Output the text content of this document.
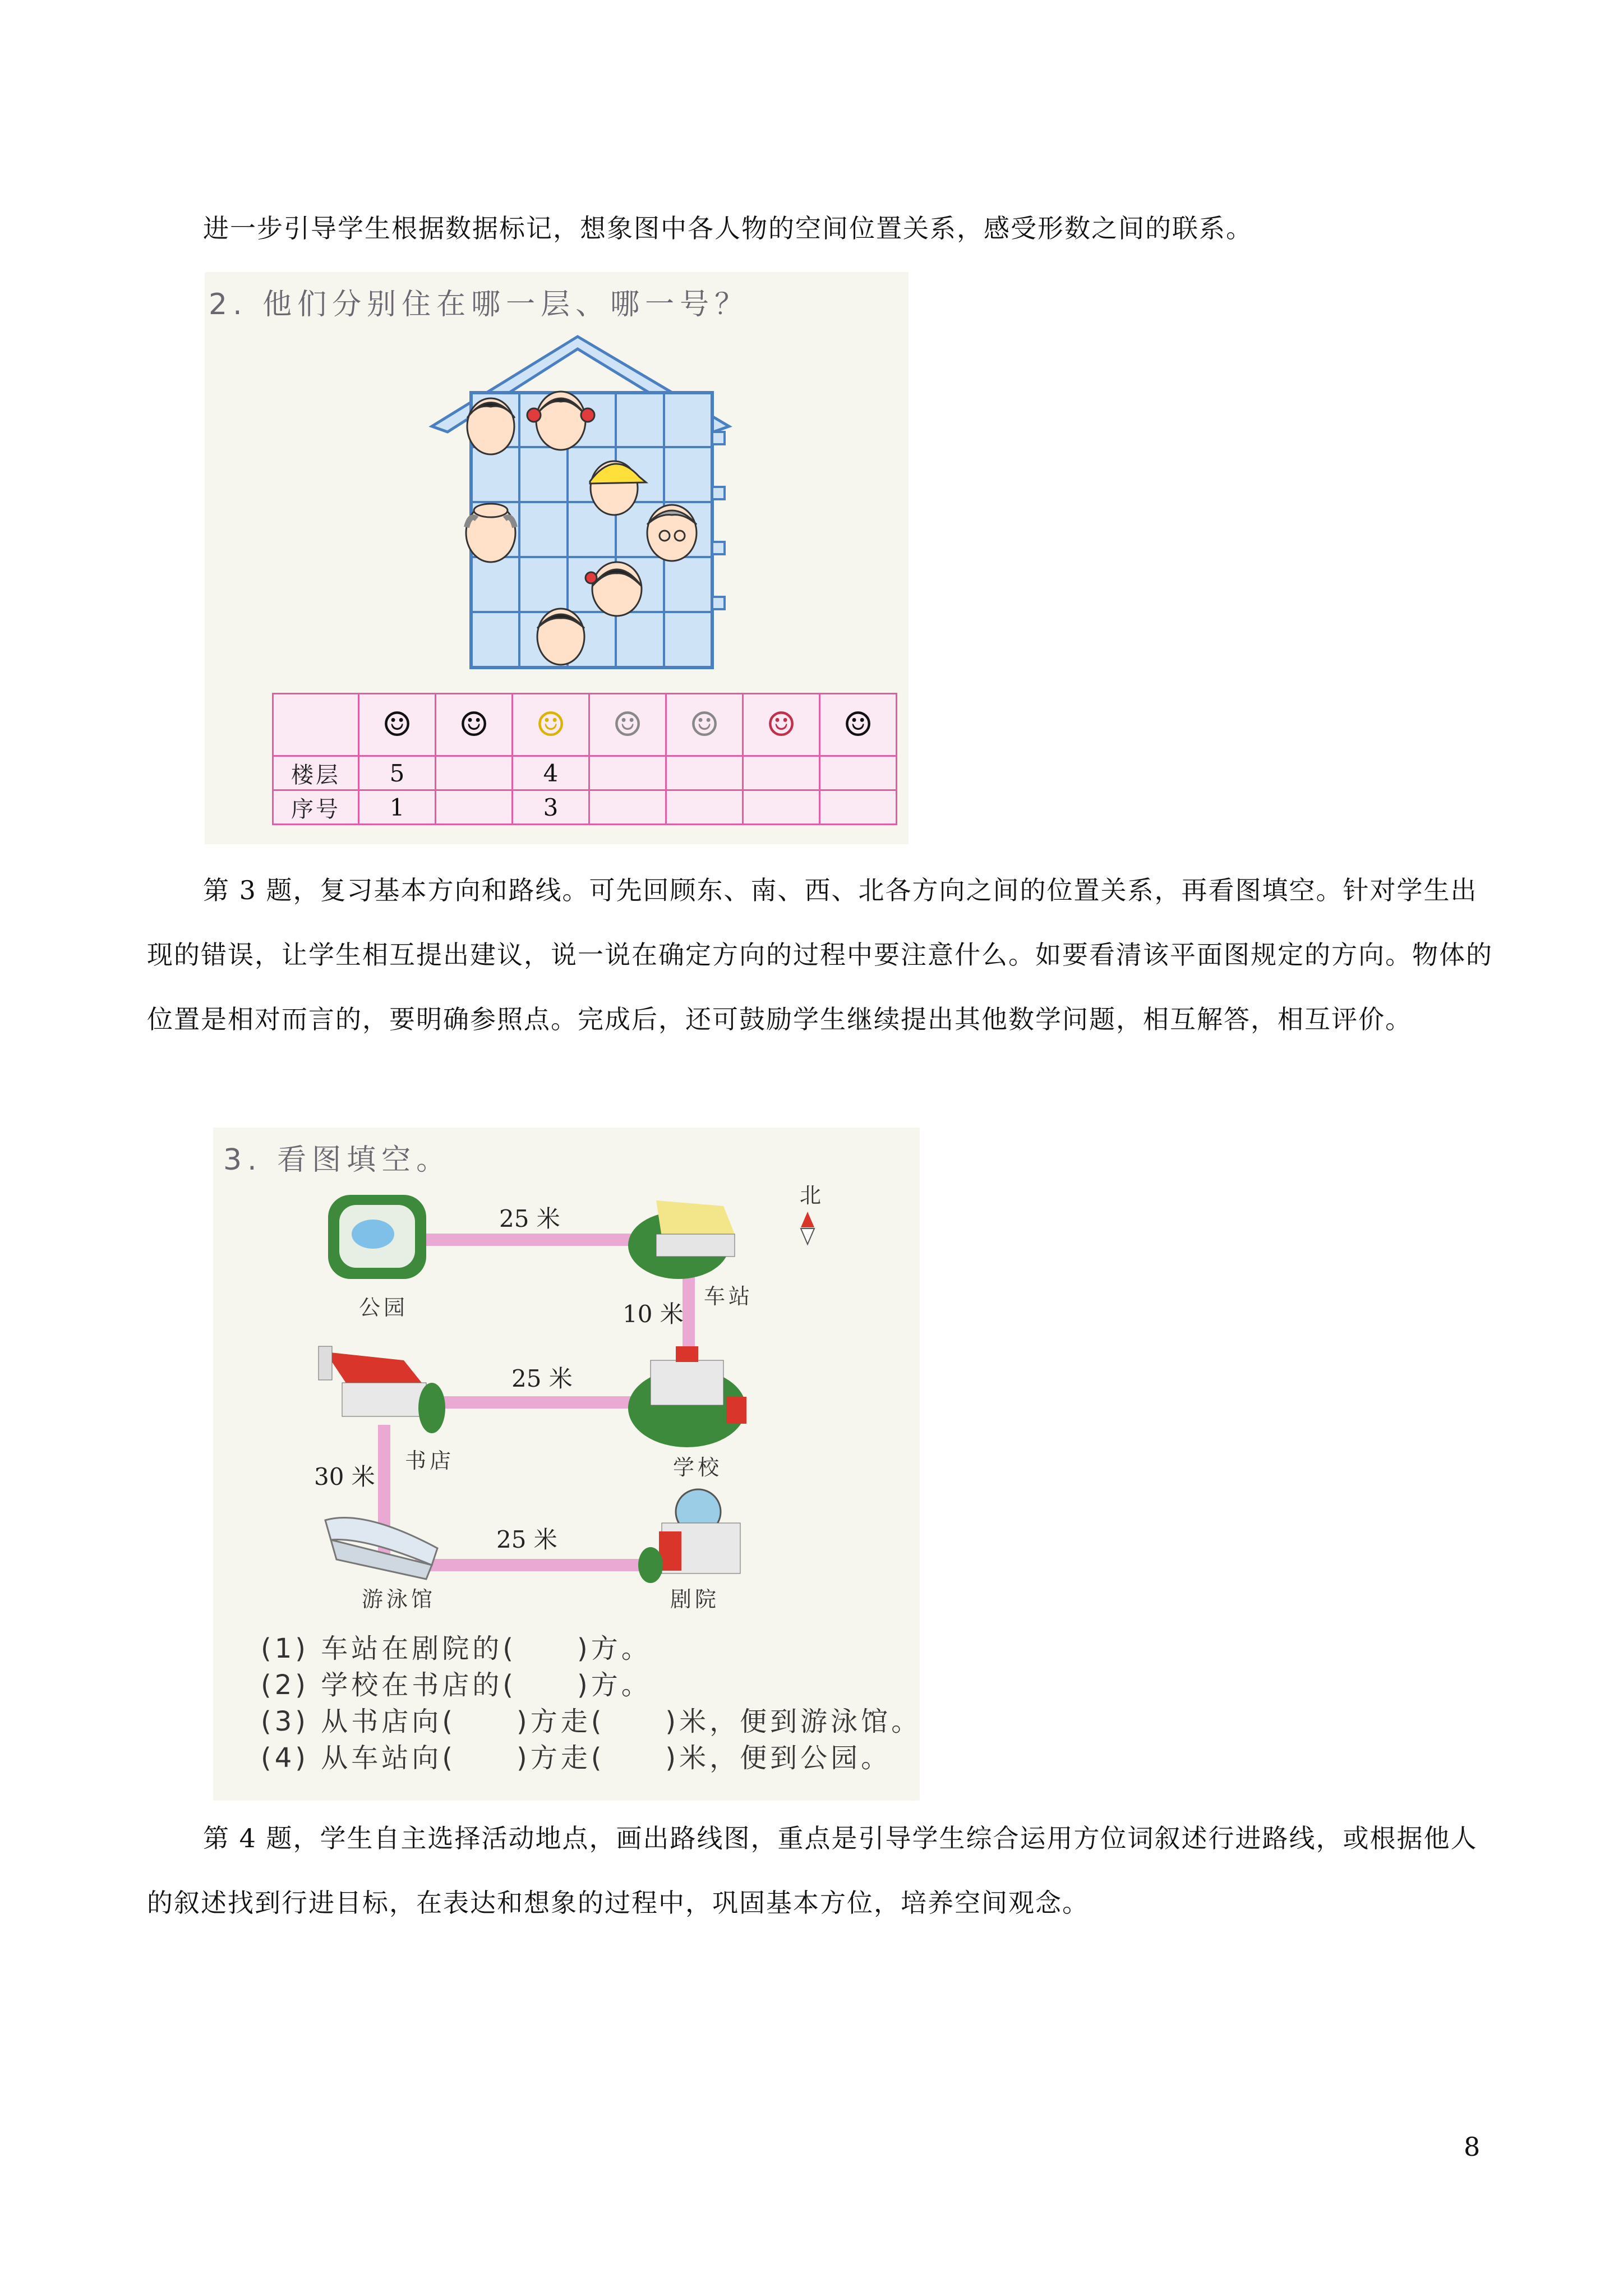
进一步引导学生根据数据标记，想象图中各人物的空间位置关系，感受形数之间的联系。
2. 他们分别住在哪一层、哪一号？
	☺	☺	☺	☺	☺	☺	☺
楼层	5		4				
序号	1		3				
第 3 题，复习基本方向和路线。可先回顾东、南、西、北各方向之间的位置关系，再看图填空。针对学生出现的错误，让学生相互提出建议，说一说在确定方向的过程中要注意什么。如要看清该平面图规定的方向。物体的位置是相对而言的，要明确参照点。完成后，还可鼓励学生继续提出其他数学问题，相互解答，相互评价。
3. 看图填空。
北
25 米
公园	10 米
车站
25 米
书店	学校
30 米
25 米
游泳馆	剧院
(1) 车站在剧院的(　　)方。
(2) 学校在书店的(　　)方。
(3) 从书店向(　　)方走(　　)米，便到游泳馆。
(4) 从车站向(　　)方走(　　)米，便到公园。
第 4 题，学生自主选择活动地点，画出路线图，重点是引导学生综合运用方位词叙述行进路线，或根据他人的叙述找到行进目标，在表达和想象的过程中，巩固基本方位，培养空间观念。
8
